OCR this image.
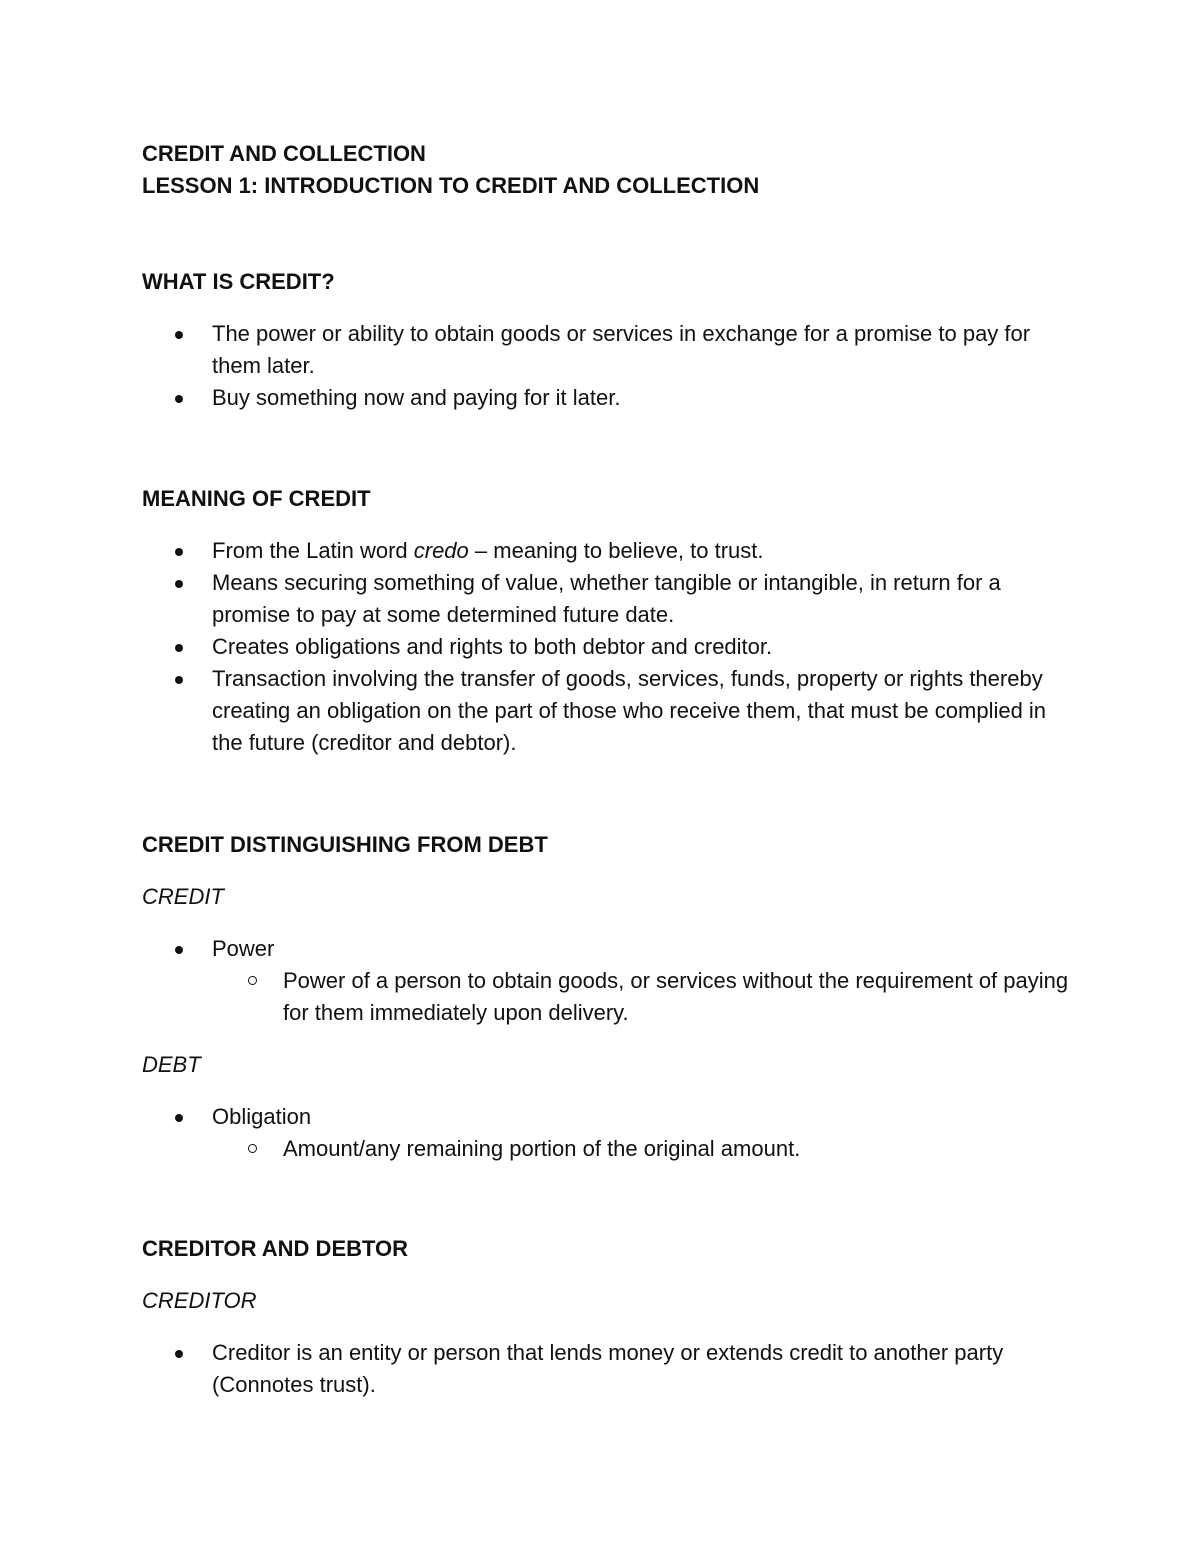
CREDIT AND COLLECTION

LESSON 1: INTRODUCTION TO CREDIT AND COLLECTION

WHAT IS CREDIT?

The power or ability to obtain goods or services in exchange for a promise to pay for them later.
Buy something now and paying for it later.

MEANING OF CREDIT

From the Latin word credo – meaning to believe, to trust.
Means securing something of value, whether tangible or intangible, in return for a promise to pay at some determined future date.
Creates obligations and rights to both debtor and creditor.
Transaction involving the transfer of goods, services, funds, property or rights thereby creating an obligation on the part of those who receive them, that must be complied in the future (creditor and debtor).

CREDIT DISTINGUISHING FROM DEBT

CREDIT

Power
Power of a person to obtain goods, or services without the requirement of paying for them immediately upon delivery.

DEBT

Obligation
Amount/any remaining portion of the original amount.

CREDITOR AND DEBTOR

CREDITOR

Creditor is an entity or person that lends money or extends credit to another party (Connotes trust).
